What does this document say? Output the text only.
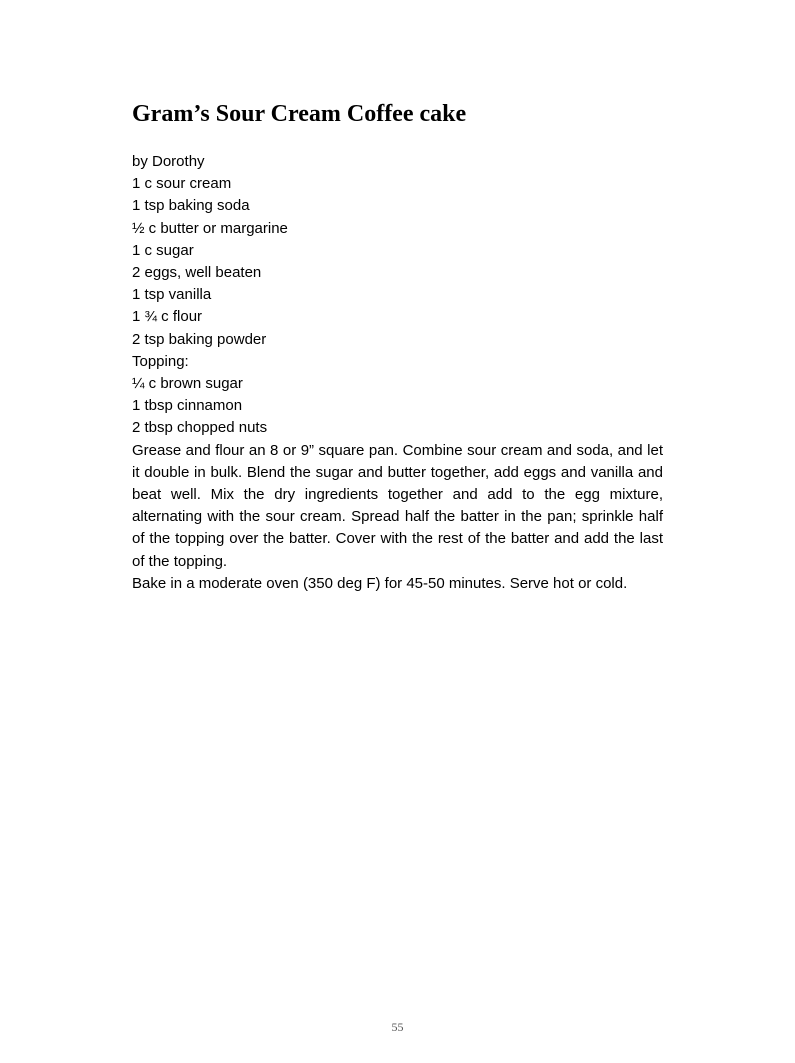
Gram’s Sour Cream Coffee cake
by Dorothy
1 c sour cream
1 tsp baking soda
½ c butter or margarine
1 c sugar
2 eggs, well beaten
1 tsp vanilla
1 ¾ c flour
2 tsp baking powder
Topping:
¼ c brown sugar
1 tbsp cinnamon
2 tbsp chopped nuts
Grease and flour an 8 or 9” square pan. Combine sour cream and soda, and let it double in bulk. Blend the sugar and butter together, add eggs and vanilla and beat well. Mix the dry ingredients together and add to the egg mixture, alternating with the sour cream. Spread half the batter in the pan; sprinkle half of the topping over the batter. Cover with the rest of the batter and add the last of the topping.
Bake in a moderate oven (350 deg F) for 45-50 minutes. Serve hot or cold.
55
